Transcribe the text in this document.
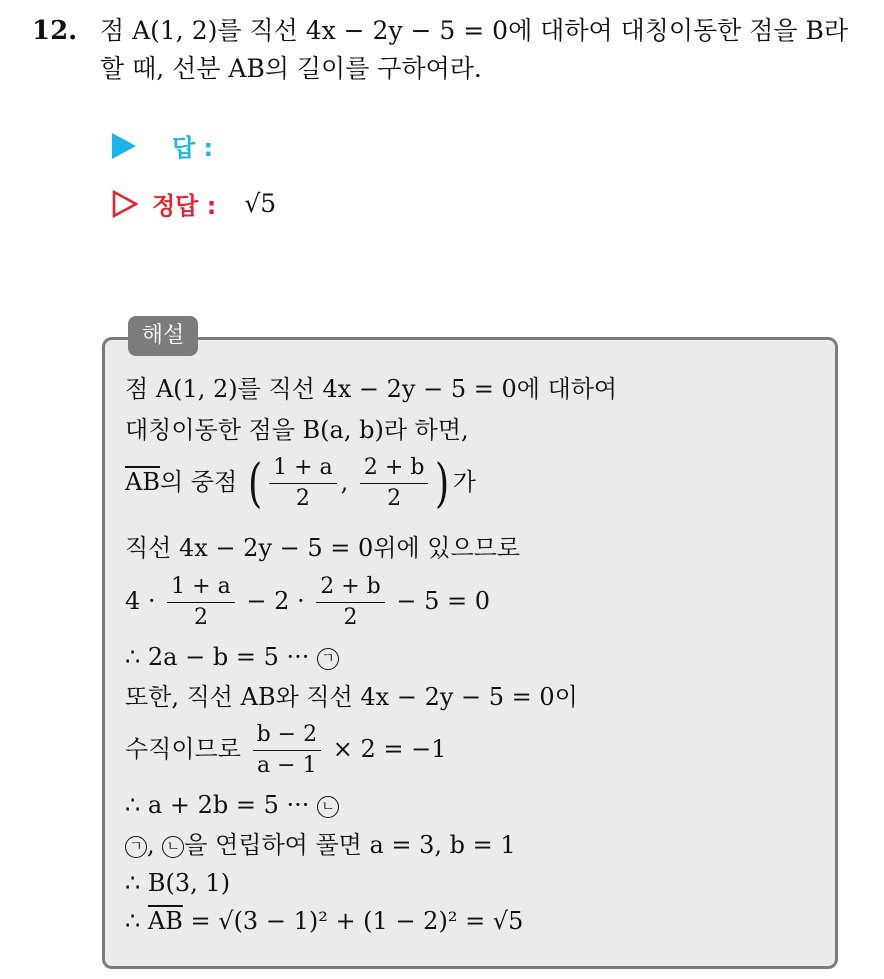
12. 점 A(1, 2)를 직선 4x − 2y − 5 = 0에 대하여 대칭이동한 점을 B라 할 때, 선분 AB의 길이를 구하여라.
답 :
정답 : √5
해설
점 A(1, 2)를 직선 4x − 2y − 5 = 0에 대하여
대칭이동한 점을 B(a, b)라 하면,
$\overline{AB}$의 중점 ( $\frac{1 + a}{2}$ , $\frac{2 + b}{2}$ ) 가
직선 4x − 2y − 5 = 0위에 있으므로
$4 \cdot \frac{1 + a}{2} - 2 \cdot \frac{2 + b}{2} - 5 = 0$
∴ 2a − b = 5 ··· ㄱ
또한, 직선 AB와 직선 4x − 2y − 5 = 0이
수직이므로 $\frac{b - 2}{a - 1} \times 2 = -1$
∴ a + 2b = 5 ··· ㄴ
ㄱ , ㄴ 을 연립하여 풀면 a = 3, b = 1
∴ B(3, 1)
∴ $\overline{AB} = √(3 - 1)^2 + (1 - 2)^2 = √5$
